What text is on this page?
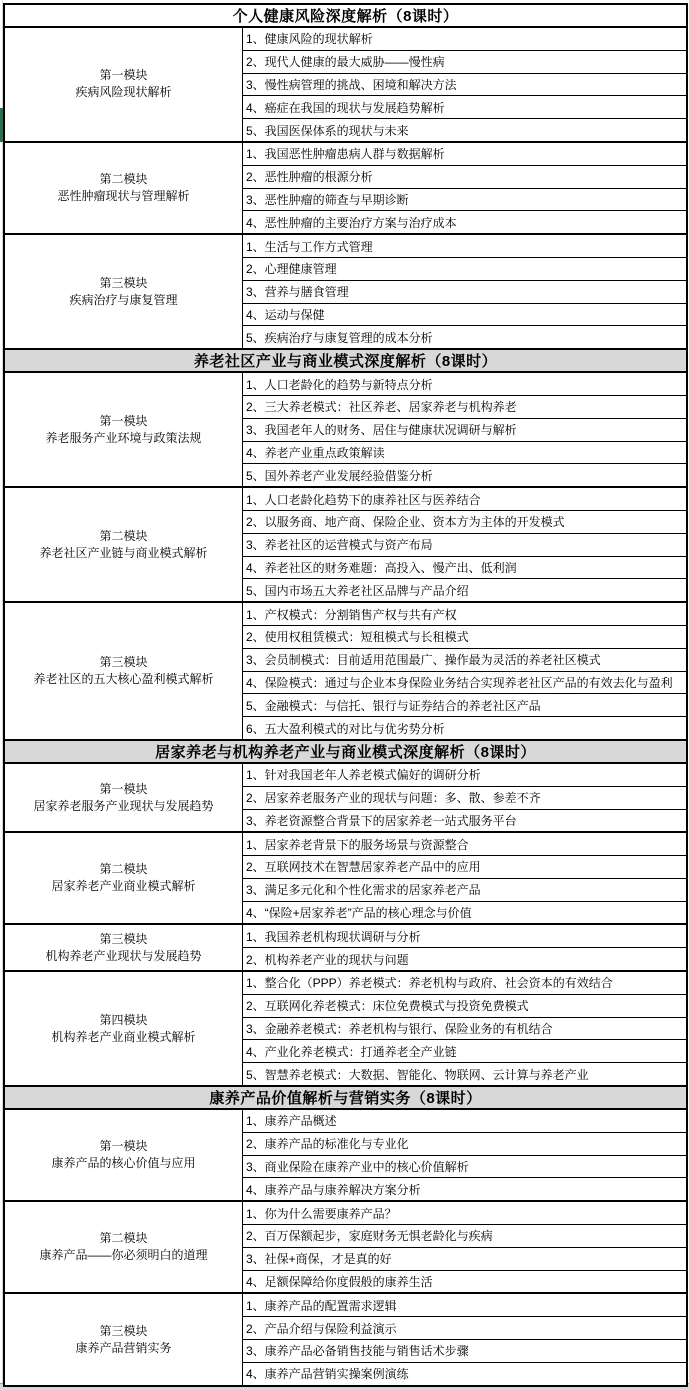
个人健康风险深度解析（8课时）
第一模块
疾病风险现状解析
1、健康风险的现状解析
2、现代人健康的最大威胁——慢性病
3、慢性病管理的挑战、困境和解决方法
4、癌症在我国的现状与发展趋势解析
5、我国医保体系的现状与未来
第二模块
恶性肿瘤现状与管理解析
1、我国恶性肿瘤患病人群与数据解析
2、恶性肿瘤的根源分析
3、恶性肿瘤的筛查与早期诊断
4、恶性肿瘤的主要治疗方案与治疗成本
第三模块
疾病治疗与康复管理
1、生活与工作方式管理
2、心理健康管理
3、营养与膳食管理
4、运动与保健
5、疾病治疗与康复管理的成本分析
养老社区产业与商业模式深度解析（8课时）
第一模块
养老服务产业环境与政策法规
1、人口老龄化的趋势与新特点分析
2、三大养老模式：社区养老、居家养老与机构养老
3、我国老年人的财务、居住与健康状况调研与解析
4、养老产业重点政策解读
5、国外养老产业发展经验借鉴分析
第二模块
养老社区产业链与商业模式解析
1、人口老龄化趋势下的康养社区与医养结合
2、以服务商、地产商、保险企业、资本方为主体的开发模式
3、养老社区的运营模式与资产布局
4、养老社区的财务难题：高投入、慢产出、低利润
5、国内市场五大养老社区品牌与产品介绍
第三模块
养老社区的五大核心盈利模式解析
1、产权模式：分割销售产权与共有产权
2、使用权租赁模式：短租模式与长租模式
3、会员制模式：目前适用范围最广、操作最为灵活的养老社区模式
4、保险模式：通过与企业本身保险业务结合实现养老社区产品的有效去化与盈利
5、金融模式：与信托、银行与证券结合的养老社区产品
6、五大盈利模式的对比与优劣势分析
居家养老与机构养老产业与商业模式深度解析（8课时）
第一模块
居家养老服务产业现状与发展趋势
1、针对我国老年人养老模式偏好的调研分析
2、居家养老服务产业的现状与问题：多、散、参差不齐
3、养老资源整合背景下的居家养老一站式服务平台
第二模块
居家养老产业商业模式解析
1、居家养老背景下的服务场景与资源整合
2、互联网技术在智慧居家养老产品中的应用
3、满足多元化和个性化需求的居家养老产品
4、“保险+居家养老”产品的核心理念与价值
第三模块
机构养老产业现状与发展趋势
1、我国养老机构现状调研与分析
2、机构养老产业的现状与问题
第四模块
机构养老产业商业模式解析
1、整合化（PPP）养老模式：养老机构与政府、社会资本的有效结合
2、互联网化养老模式：床位免费模式与投资免费模式
3、金融养老模式：养老机构与银行、保险业务的有机结合
4、产业化养老模式：打通养老全产业链
5、智慧养老模式：大数据、智能化、物联网、云计算与养老产业
康养产品价值解析与营销实务（8课时）
第一模块
康养产品的核心价值与应用
1、康养产品概述
2、康养产品的标准化与专业化
3、商业保险在康养产业中的核心价值解析
4、康养产品与康养解决方案分析
第二模块
康养产品——你必须明白的道理
1、你为什么需要康养产品？
2、百万保额起步，家庭财务无惧老龄化与疾病
3、社保+商保，才是真的好
4、足额保障给你度假般的康养生活
第三模块
康养产品营销实务
1、康养产品的配置需求逻辑
2、产品介绍与保险利益演示
3、康养产品必备销售技能与销售话术步骤
4、康养产品营销实操案例演练
